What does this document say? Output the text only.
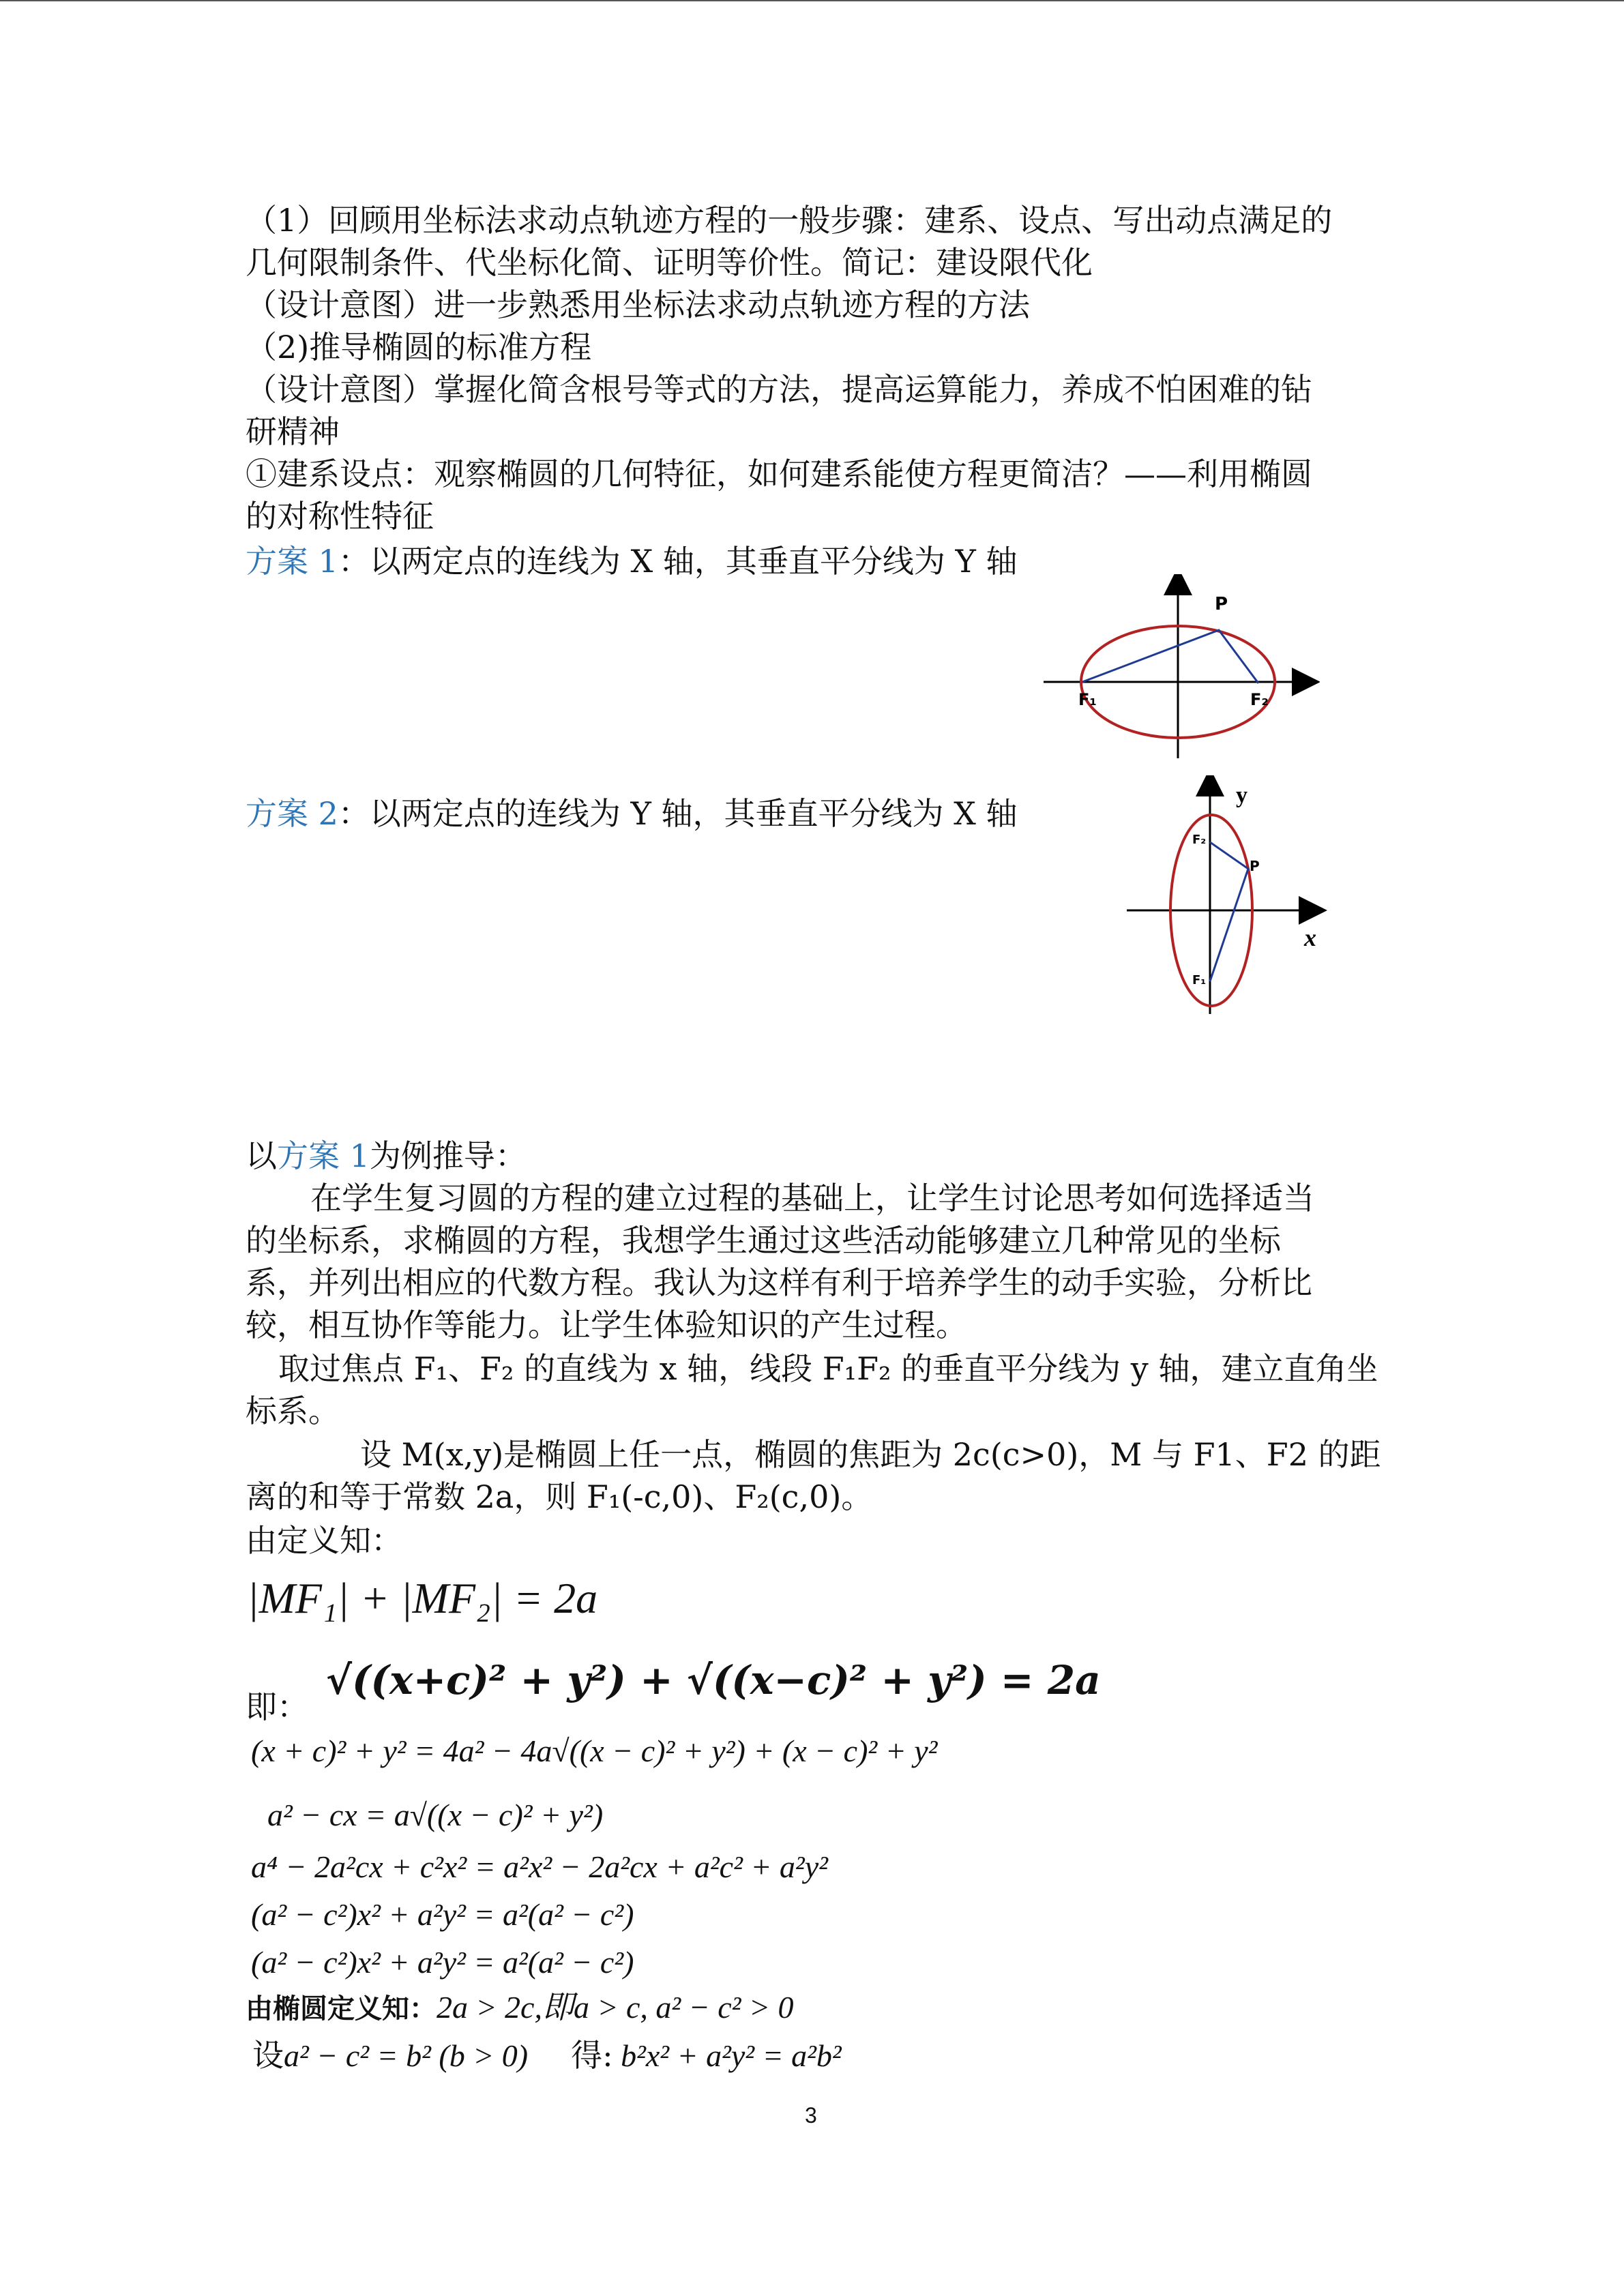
（1）回顾用坐标法求动点轨迹方程的一般步骤：建系、设点、写出动点满足的
几何限制条件、代坐标化简、证明等价性。简记：建设限代化
（设计意图）进一步熟悉用坐标法求动点轨迹方程的方法
（2)推导椭圆的标准方程
（设计意图）掌握化简含根号等式的方法，提高运算能力，养成不怕困难的钻
研精神
①建系设点：观察椭圆的几何特征，如何建系能使方程更简洁？——利用椭圆
的对称性特征
方案 1：以两定点的连线为 X 轴，其垂直平分线为 Y 轴
P
F₁	F₂
方案 2：以两定点的连线为 Y 轴，其垂直平分线为 X 轴	y
x
P
F₂
F₁
以方案 1为例推导：
在学生复习圆的方程的建立过程的基础上，让学生讨论思考如何选择适当
的坐标系，求椭圆的方程，我想学生通过这些活动能够建立几种常见的坐标
系，并列出相应的代数方程。我认为这样有利于培养学生的动手实验，分析比
较，相互协作等能力。让学生体验知识的产生过程。
取过焦点 F₁、F₂ 的直线为 x 轴，线段 F₁F₂ 的垂直平分线为 y 轴，建立直角坐
标系。
设 M(x,y)是椭圆上任一点，椭圆的焦距为 2c(c>0)，M 与 F1、F2 的距
离的和等于常数 2a，则 F₁(-c,0)、F₂(c,0)。
由定义知：
|MF₁| + |MF₂| = 2a
即：
√((x+c)² + y²) + √((x−c)² + y²) = 2a
(x + c)² + y² = 4a² − 4a√((x − c)² + y²) + (x − c)² + y²
a² − cx = a√((x − c)² + y²)
a⁴ − 2a²cx + c²x² = a²x² − 2a²cx + a²c² + a²y²
(a² − c²)x² + a²y² = a²(a² − c²)
(a² − c²)x² + a²y² = a²(a² − c²)
由椭圆定义知：2a > 2c,即a > c, a² − c² > 0
设a² − c² = b² (b > 0) 得: b²x² + a²y² = a²b²
3
